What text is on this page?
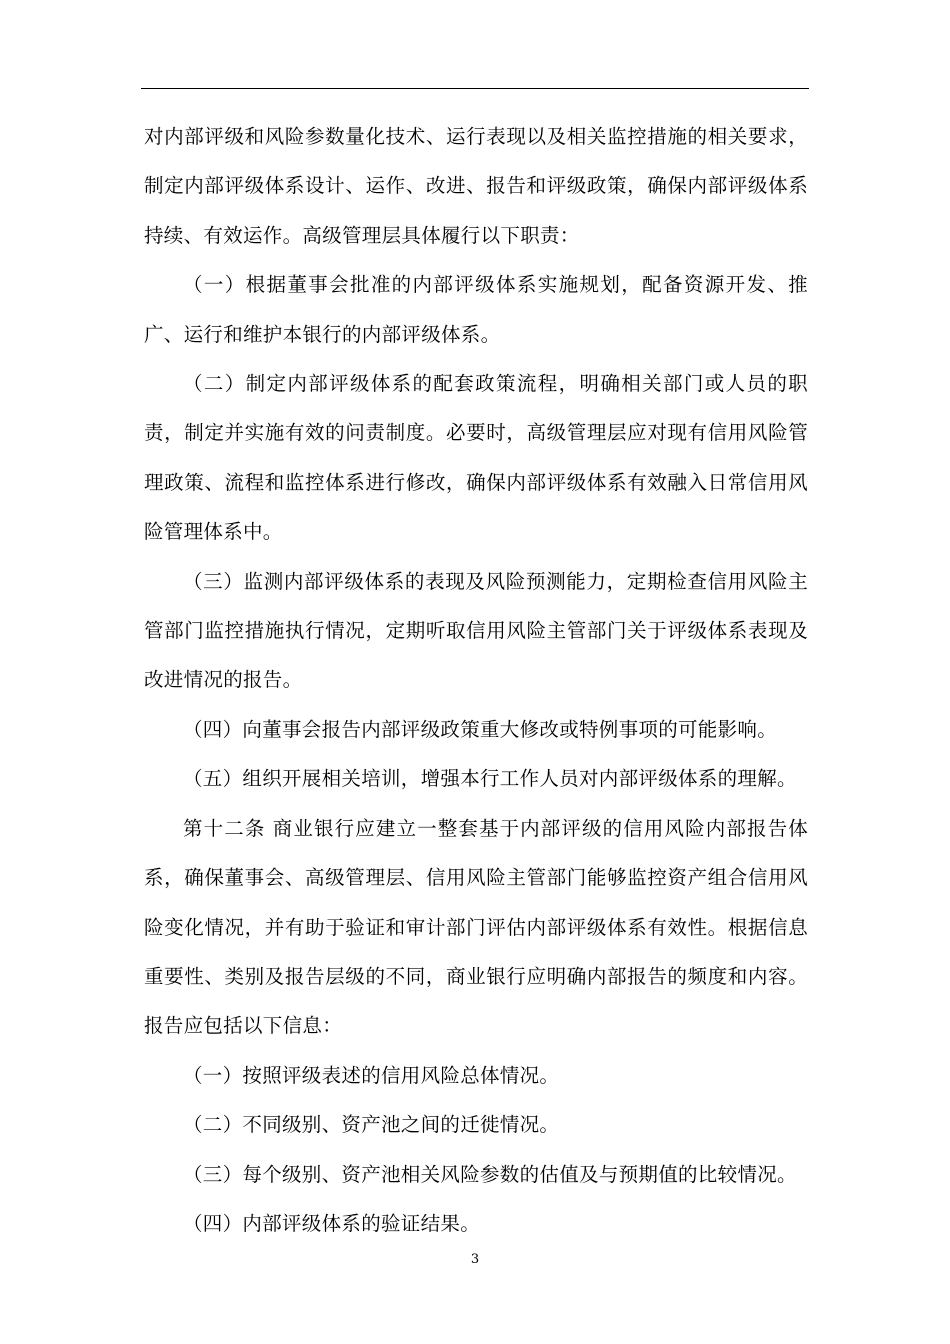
对内部评级和风险参数量化技术、运行表现以及相关监控措施的相关要求，制定内部评级体系设计、运作、改进、报告和评级政策，确保内部评级体系持续、有效运作。高级管理层具体履行以下职责：

（一）根据董事会批准的内部评级体系实施规划，配备资源开发、推广、运行和维护本银行的内部评级体系。

（二）制定内部评级体系的配套政策流程，明确相关部门或人员的职责，制定并实施有效的问责制度。必要时，高级管理层应对现有信用风险管理政策、流程和监控体系进行修改，确保内部评级体系有效融入日常信用风险管理体系中。

（三）监测内部评级体系的表现及风险预测能力，定期检查信用风险主管部门监控措施执行情况，定期听取信用风险主管部门关于评级体系表现及改进情况的报告。

（四）向董事会报告内部评级政策重大修改或特例事项的可能影响。

（五）组织开展相关培训，增强本行工作人员对内部评级体系的理解。

第十二条 商业银行应建立一整套基于内部评级的信用风险内部报告体系，确保董事会、高级管理层、信用风险主管部门能够监控资产组合信用风险变化情况，并有助于验证和审计部门评估内部评级体系有效性。根据信息重要性、类别及报告层级的不同，商业银行应明确内部报告的频度和内容。报告应包括以下信息：

（一）按照评级表述的信用风险总体情况。

（二）不同级别、资产池之间的迁徙情况。

（三）每个级别、资产池相关风险参数的估值及与预期值的比较情况。

（四）内部评级体系的验证结果。

3
